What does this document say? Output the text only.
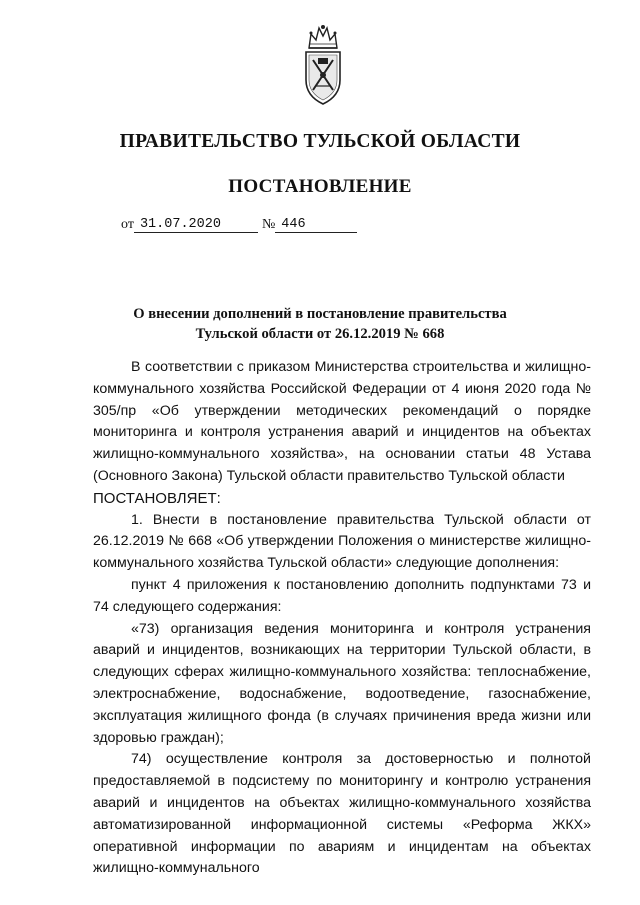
ПРАВИТЕЛЬСТВО ТУЛЬСКОЙ ОБЛАСТИ
ПОСТАНОВЛЕНИЕ
от 31.07.2020	№ 446
О внесении дополнений в постановление правительства
Тульской области от 26.12.2019 № 668

В соответствии с приказом Министерства строительства и жилищно-коммунального хозяйства Российской Федерации от 4 июня 2020 года № 305/пр «Об утверждении методических рекомендаций о порядке мониторинга и контроля устранения аварий и инцидентов на объектах жилищно-коммунального хозяйства», на основании статьи 48 Устава (Основного Закона) Тульской области правительство Тульской области

ПОСТАНОВЛЯЕТ:

1. Внести в постановление правительства Тульской области от 26.12.2019 № 668 «Об утверждении Положения о министерстве жилищно-коммунального хозяйства Тульской области» следующие дополнения:

пункт 4 приложения к постановлению дополнить подпунктами 73 и 74 следующего содержания:

«73) организация ведения мониторинга и контроля устранения аварий и инцидентов, возникающих на территории Тульской области, в следующих сферах жилищно-коммунального хозяйства: теплоснабжение, электроснабжение, водоснабжение, водоотведение, газоснабжение, эксплуатация жилищного фонда (в случаях причинения вреда жизни или здоровью граждан);

74) осуществление контроля за достоверностью и полнотой предоставляемой в подсистему по мониторингу и контролю устранения аварий и инцидентов на объектах жилищно-коммунального хозяйства автоматизированной информационной системы «Реформа ЖКХ» оперативной информации по авариям и инцидентам на объектах жилищно-коммунального
